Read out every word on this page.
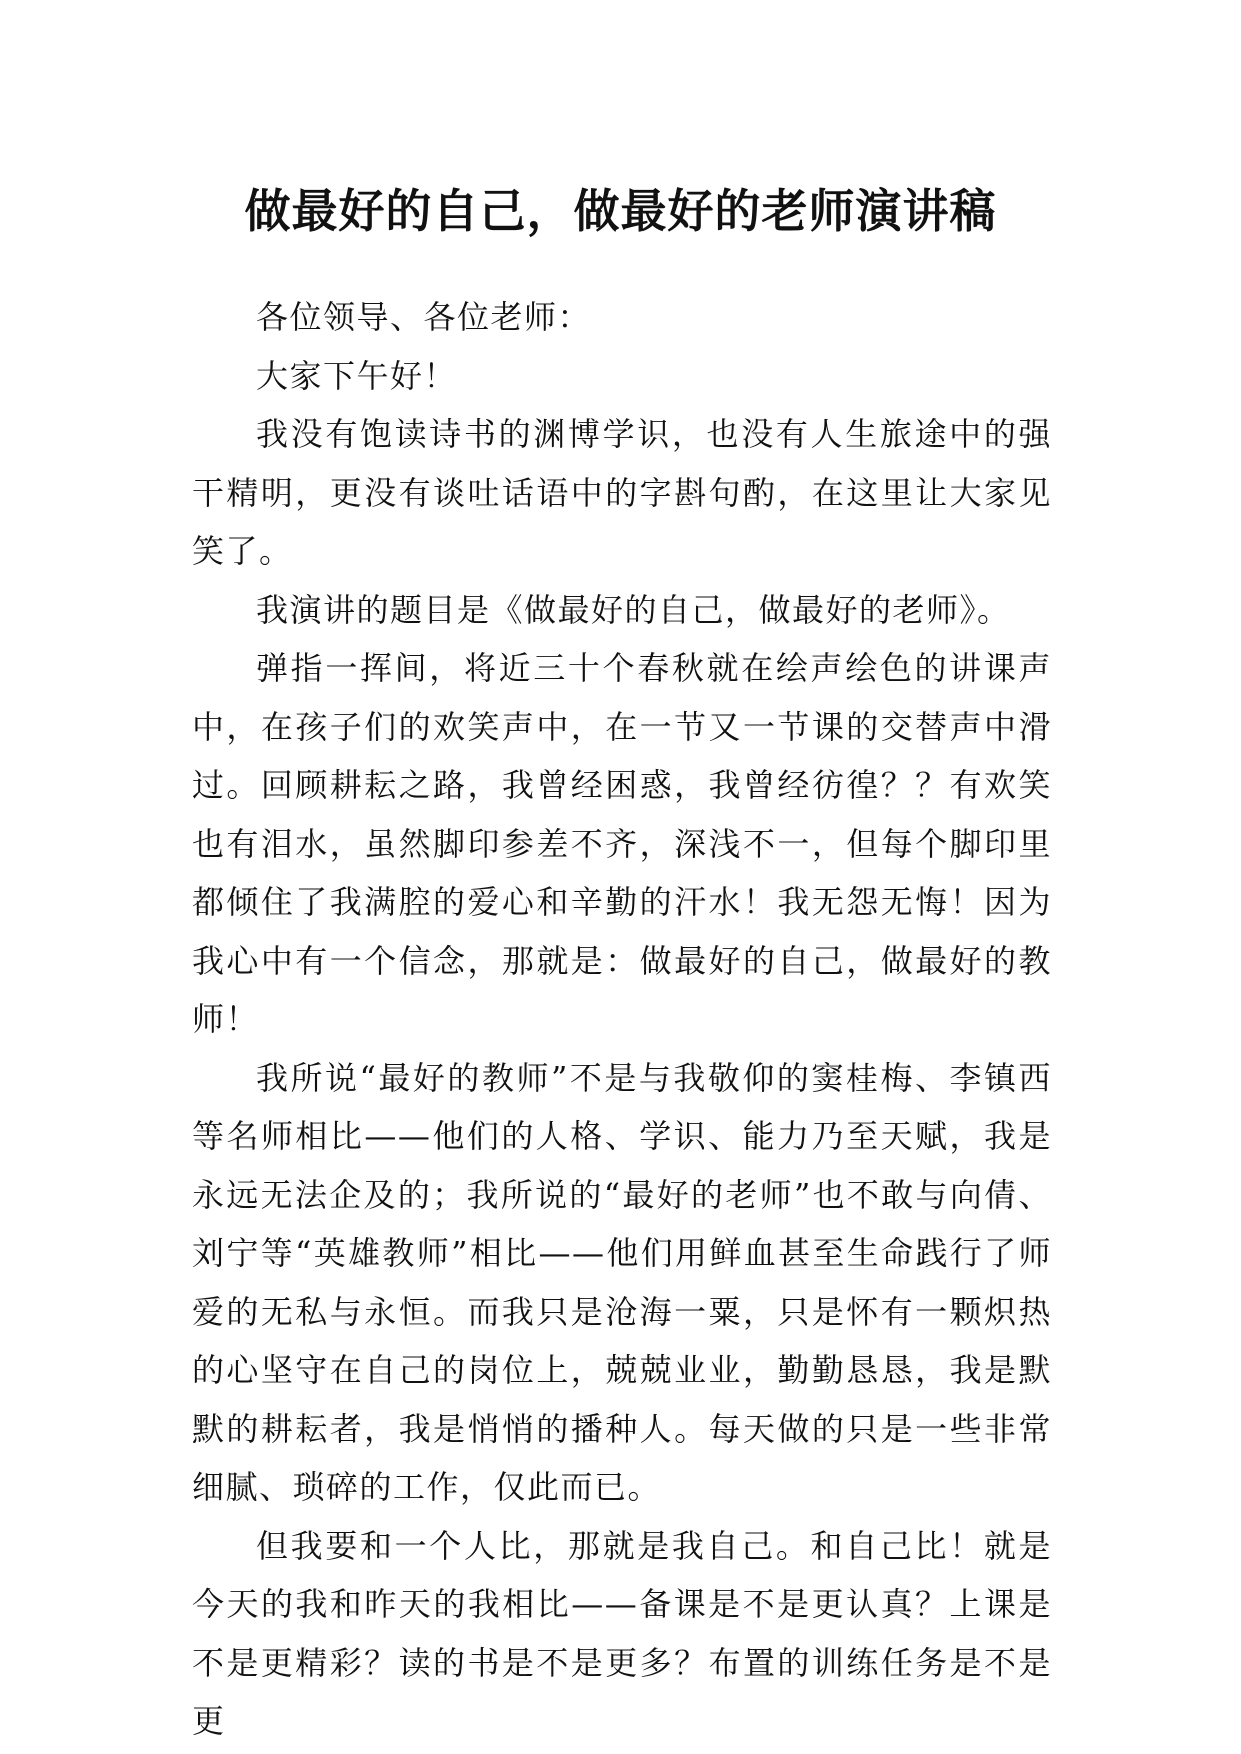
做最好的自己，做最好的老师演讲稿

各位领导、各位老师：

大家下午好！

我没有饱读诗书的渊博学识，也没有人生旅途中的强干精明，更没有谈吐话语中的字斟句酌，在这里让大家见笑了。

我演讲的题目是《做最好的自己，做最好的老师》。

弹指一挥间，将近三十个春秋就在绘声绘色的讲课声中，在孩子们的欢笑声中，在一节又一节课的交替声中滑过。回顾耕耘之路，我曾经困惑，我曾经彷徨？？有欢笑也有泪水，虽然脚印参差不齐，深浅不一，但每个脚印里都倾住了我满腔的爱心和辛勤的汗水！我无怨无悔！因为我心中有一个信念，那就是：做最好的自己，做最好的教师！

我所说“最好的教师”不是与我敬仰的窦桂梅、李镇西等名师相比——他们的人格、学识、能力乃至天赋，我是永远无法企及的；我所说的“最好的老师”也不敢与向倩、刘宁等“英雄教师”相比——他们用鲜血甚至生命践行了师爱的无私与永恒。而我只是沧海一粟，只是怀有一颗炽热的心坚守在自己的岗位上，兢兢业业，勤勤恳恳，我是默默的耕耘者，我是悄悄的播种人。每天做的只是一些非常细腻、琐碎的工作，仅此而已。

但我要和一个人比，那就是我自己。和自己比！就是今天的我和昨天的我相比——备课是不是更认真？上课是不是更精彩？读的书是不是更多？布置的训练任务是不是更
